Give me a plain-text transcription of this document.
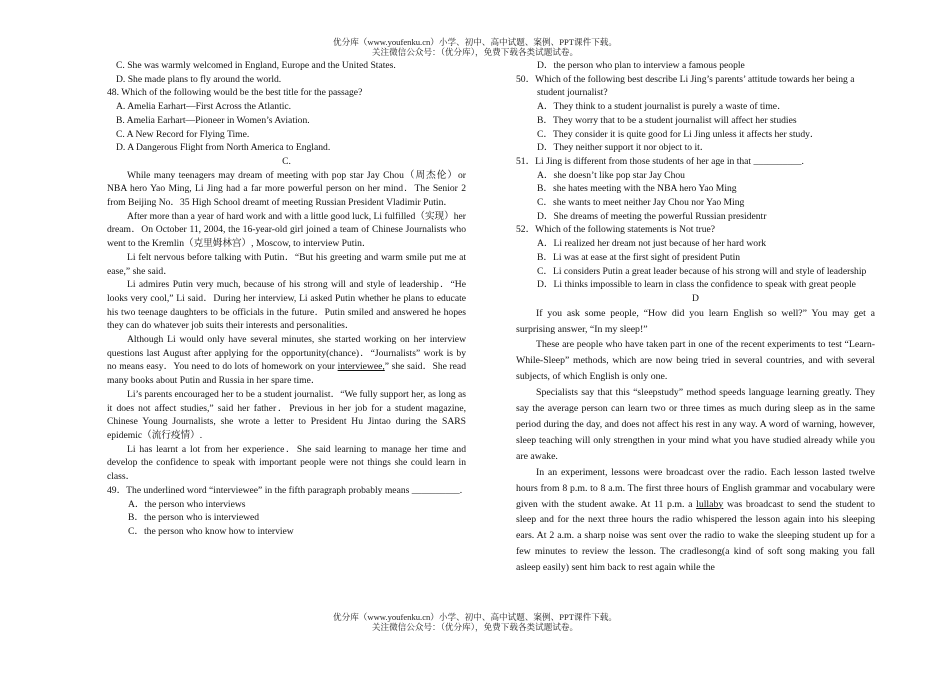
优分库（www.youfenku.cn）小学、初中、高中试题、案例、PPT课件下载。
关注微信公众号：（优分库），免费下载各类试题试卷。

C. She was warmly welcomed in England, Europe and the United States.

D. She made plans to fly around the world.

48. Which of the following would be the best title for the passage?

A. Amelia Earhart—First Across the Atlantic.

B. Amelia Earhart—Pioneer in Women’s Aviation.

C. A New Record for Flying Time.

D. A Dangerous Flight from North America to England.

C.

While many teenagers may dream of meeting with pop star Jay Chou（周杰伦）or NBA hero Yao Ming, Li Jing had a far more powerful person on her mind．The Senior 2 from Beijing No．35 High School dreamt of meeting Russian President Vladimir Putin．

After more than a year of hard work and with a little good luck, Li fulfilled（实现）her dream．On October 11, 2004, the 16-year-old girl joined a team of Chinese Journalists who went to the Kremlin（克里姆林宫）, Moscow, to interview Putin．

Li felt nervous before talking with Putin．“But his greeting and warm smile put me at ease,” she said．

Li admires Putin very much, because of his strong will and style of leadership．“He looks very cool,” Li said．During her interview, Li asked Putin whether he plans to educate his two teenage daughters to be officials in the future．Putin smiled and answered he hopes they can do whatever job suits their interests and personalities．

Although Li would only have several minutes, she started working on her interview questions last August after applying for the opportunity(chance)．“Journalists” work is by no means easy．You need to do lots of homework on your interviewee,” she said．She read many books about Putin and Russia in her spare time．

Li’s parents encouraged her to be a student journalist．“We fully support her, as long as it does not affect studies,” said her father．Previous in her job for a student magazine, Chinese Young Journalists, she wrote a letter to President Hu Jintao during the SARS epidemic（流行疫情）.

Li has learnt a lot from her experience．She said learning to manage her time and develop the confidence to speak with important people were not things she could learn in class．

49．The underlined word “interviewee” in the fifth paragraph probably means __________.

A．the person who interviews

B．the person who is interviewed

C．the person who know how to interview

D．the person who plan to interview a famous people

50．Which of the following best describe Li Jing’s parents’ attitude towards her being a student journalist?

A．They think to a student journalist is purely a waste of time．

B．They worry that to be a student journalist will affect her studies

C．They consider it is quite good for Li Jing unless it affects her study．

D．They neither support it nor object to it．

51．Li Jing is different from those students of her age in that __________.

A．she doesn’t like pop star Jay Chou

B．she hates meeting with the NBA hero Yao Ming

C．she wants to meet neither Jay Chou nor Yao Ming

D．She dreams of meeting the powerful Russian presidentr

52．Which of the following statements is Not true?

A．Li realized her dream not just because of her hard work

B．Li was at ease at the first sight of president Putin

C．Li considers Putin a great leader because of his strong will and style of leadership

D．Li thinks impossible to learn in class the confidence to speak with great people

D

If you ask some people, “How did you learn English so well?” You may get a surprising answer, “In my sleep!”

These are people who have taken part in one of the recent experiments to test “Learn-While-Sleep” methods, which are now being tried in several countries, and with several subjects, of which English is only one.

Specialists say that this “sleepstudy” method speeds language learning greatly. They say the average person can learn two or three times as much during sleep as in the same period during the day, and does not affect his rest in any way. A word of warning, however, sleep teaching will only strengthen in your mind what you have studied already while you are awake.

In an experiment, lessons were broadcast over the radio. Each lesson lasted twelve hours from 8 p.m. to 8 a.m. The first three hours of English grammar and vocabulary were given with the student awake. At 11 p.m. a lullaby was broadcast to send the student to sleep and for the next three hours the radio whispered the lesson again into his sleeping ears. At 2 a.m. a sharp noise was sent over the radio to wake the sleeping student up for a few minutes to review the lesson. The cradlesong(a kind of soft song making you fall asleep easily) sent him back to rest again while the

优分库（www.youfenku.cn）小学、初中、高中试题、案例、PPT课件下载。
关注微信公众号：（优分库），免费下载各类试题试卷。
